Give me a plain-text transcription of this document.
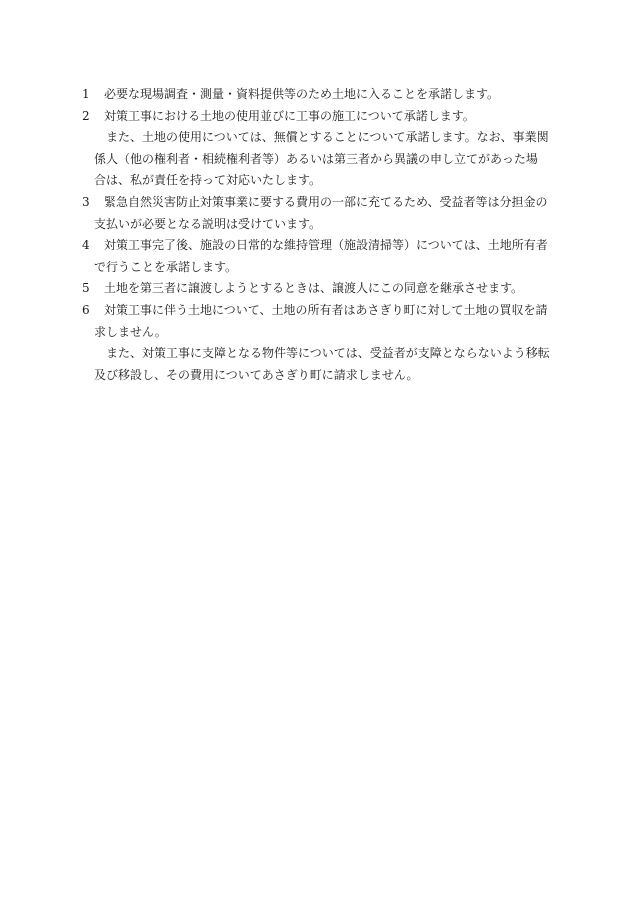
1	必要な現場調査・測量・資料提供等のため土地に入ることを承諾します。
2	対策工事における土地の使用並びに工事の施工について承諾します。
また、土地の使用については、無償とすることについて承諾します。なお、事業関
係人（他の権利者・相続権利者等）あるいは第三者から異議の申し立てがあった場
合は、私が責任を持って対応いたします。
3	緊急自然災害防止対策事業に要する費用の一部に充てるため、受益者等は分担金の
支払いが必要となる説明は受けています。
4	対策工事完了後、施設の日常的な維持管理（施設清掃等）については、土地所有者
で行うことを承諾します。
5	土地を第三者に譲渡しようとするときは、譲渡人にこの同意を継承させます。
6	対策工事に伴う土地について、土地の所有者はあさぎり町に対して土地の買収を請
求しません。
また、対策工事に支障となる物件等については、受益者が支障とならないよう移転
及び移設し、その費用についてあさぎり町に請求しません。
